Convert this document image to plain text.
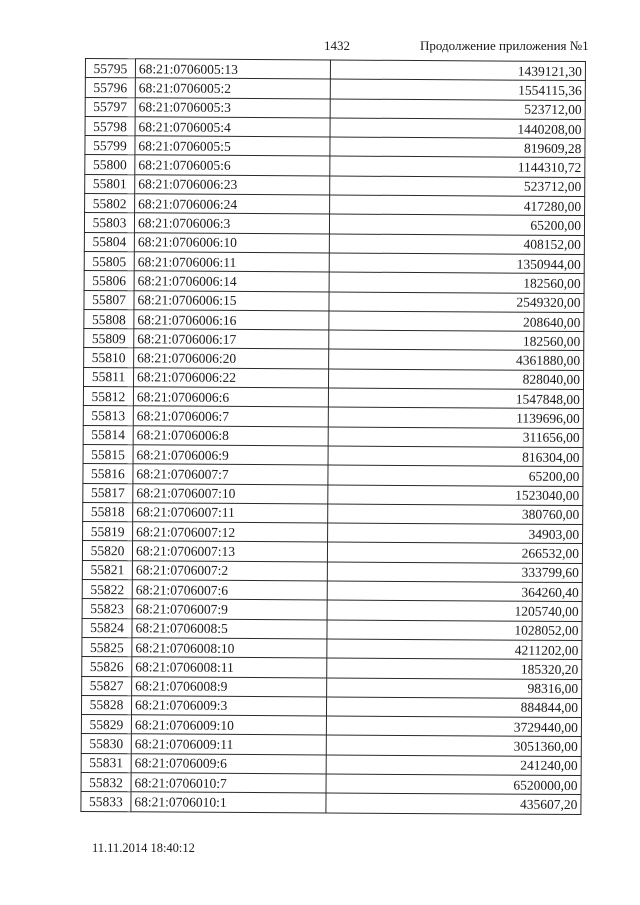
1432	Продолжение приложения №1
55795	68:21:0706005:13	1439121,30
55796	68:21:0706005:2	1554115,36
55797	68:21:0706005:3	523712,00
55798	68:21:0706005:4	1440208,00
55799	68:21:0706005:5	819609,28
55800	68:21:0706005:6	1144310,72
55801	68:21:0706006:23	523712,00
55802	68:21:0706006:24	417280,00
55803	68:21:0706006:3	65200,00
55804	68:21:0706006:10	408152,00
55805	68:21:0706006:11	1350944,00
55806	68:21:0706006:14	182560,00
55807	68:21:0706006:15	2549320,00
55808	68:21:0706006:16	208640,00
55809	68:21:0706006:17	182560,00
55810	68:21:0706006:20	4361880,00
55811	68:21:0706006:22	828040,00
55812	68:21:0706006:6	1547848,00
55813	68:21:0706006:7	1139696,00
55814	68:21:0706006:8	311656,00
55815	68:21:0706006:9	816304,00
55816	68:21:0706007:7	65200,00
55817	68:21:0706007:10	1523040,00
55818	68:21:0706007:11	380760,00
55819	68:21:0706007:12	34903,00
55820	68:21:0706007:13	266532,00
55821	68:21:0706007:2	333799,60
55822	68:21:0706007:6	364260,40
55823	68:21:0706007:9	1205740,00
55824	68:21:0706008:5	1028052,00
55825	68:21:0706008:10	4211202,00
55826	68:21:0706008:11	185320,20
55827	68:21:0706008:9	98316,00
55828	68:21:0706009:3	884844,00
55829	68:21:0706009:10	3729440,00
55830	68:21:0706009:11	3051360,00
55831	68:21:0706009:6	241240,00
55832	68:21:0706010:7	6520000,00
55833	68:21:0706010:1	435607,20
11.11.2014 18:40:12
